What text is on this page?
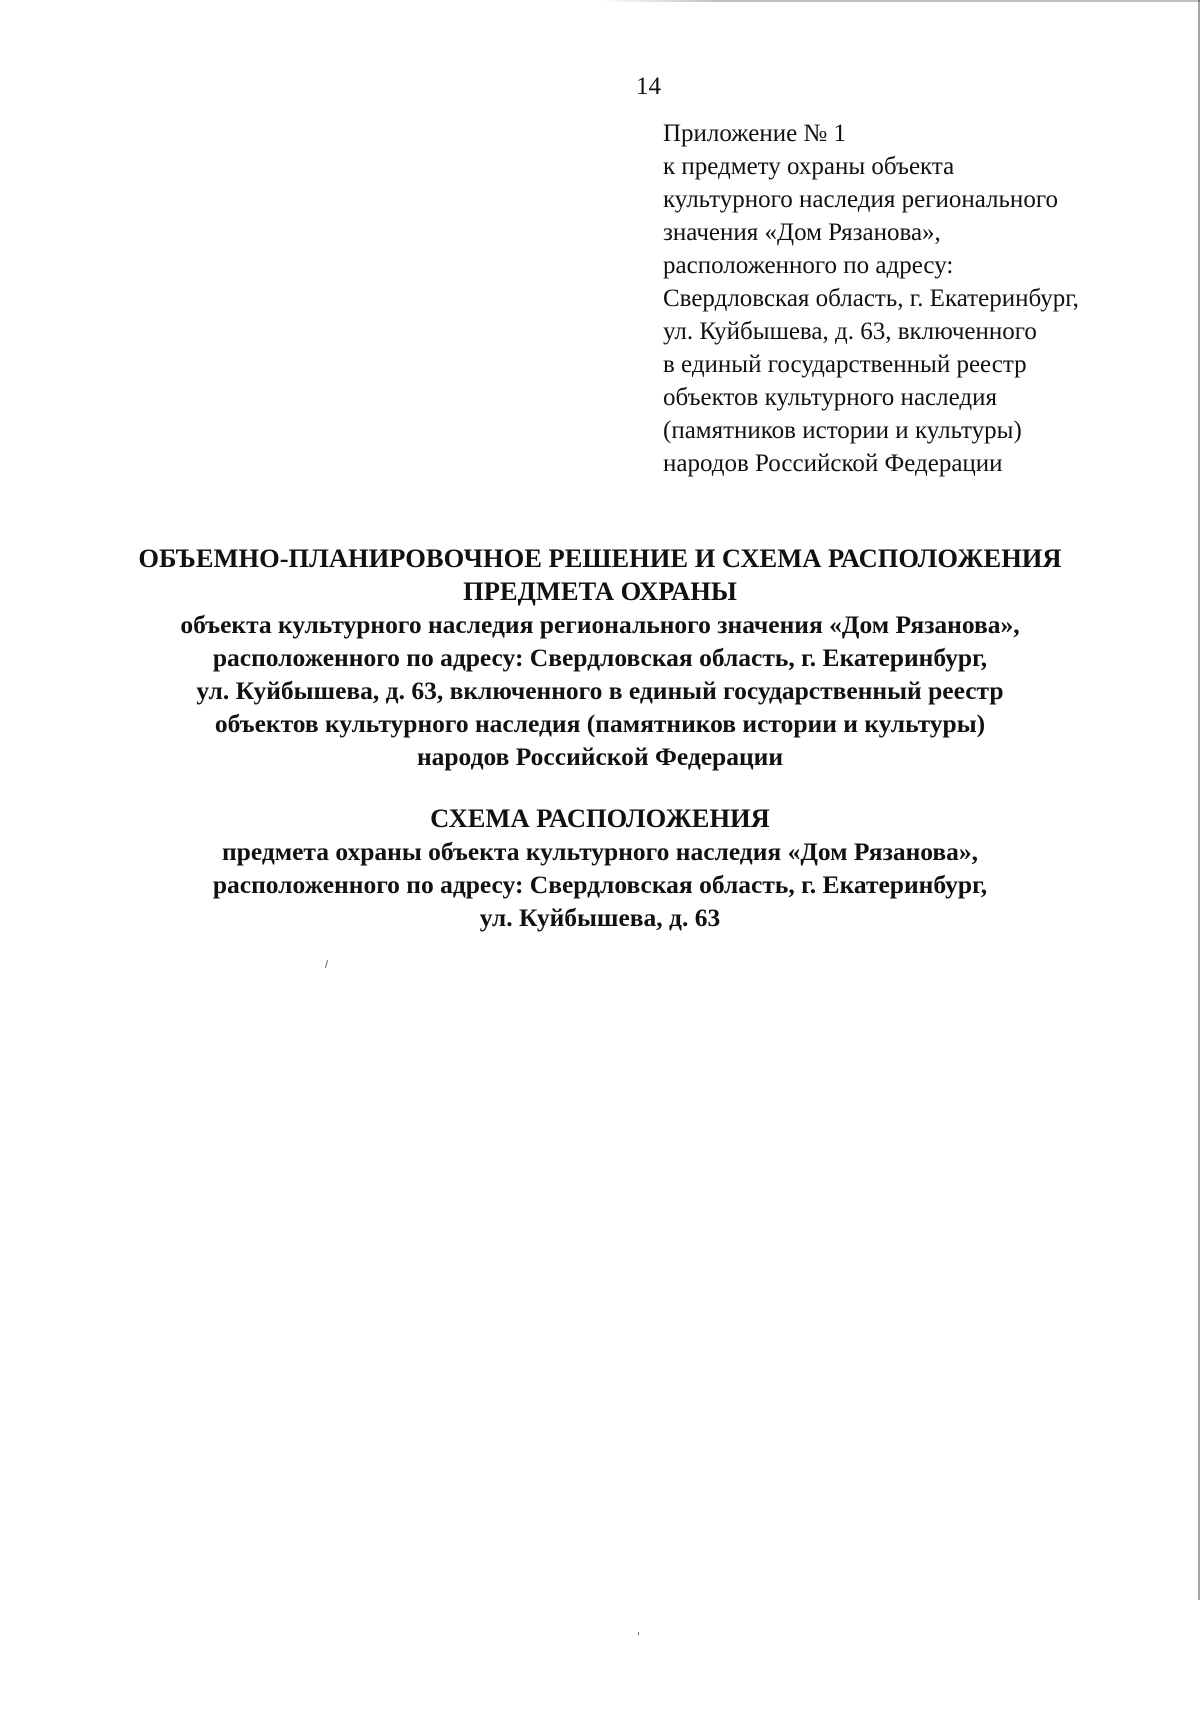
14
Приложение № 1
к предмету охраны объекта
культурного наследия регионального
значения «Дом Рязанова»,
расположенного по адресу:
Свердловская область, г. Екатеринбург,
ул. Куйбышева, д. 63, включенного
в единый государственный реестр
объектов культурного наследия
(памятников истории и культуры)
народов Российской Федерации
ОБЪЕМНО-ПЛАНИРОВОЧНОЕ РЕШЕНИЕ И СХЕМА РАСПОЛОЖЕНИЯ
ПРЕДМЕТА ОХРАНЫ
объекта культурного наследия регионального значения «Дом Рязанова»,
расположенного по адресу: Свердловская область, г. Екатеринбург,
ул. Куйбышева, д. 63, включенного в единый государственный реестр
объектов культурного наследия (памятников истории и культуры)
народов Российской Федерации
СХЕМА РАСПОЛОЖЕНИЯ
предмета охраны объекта культурного наследия «Дом Рязанова»,
расположенного по адресу: Свердловская область, г. Екатеринбург,
ул. Куйбышева, д. 63
